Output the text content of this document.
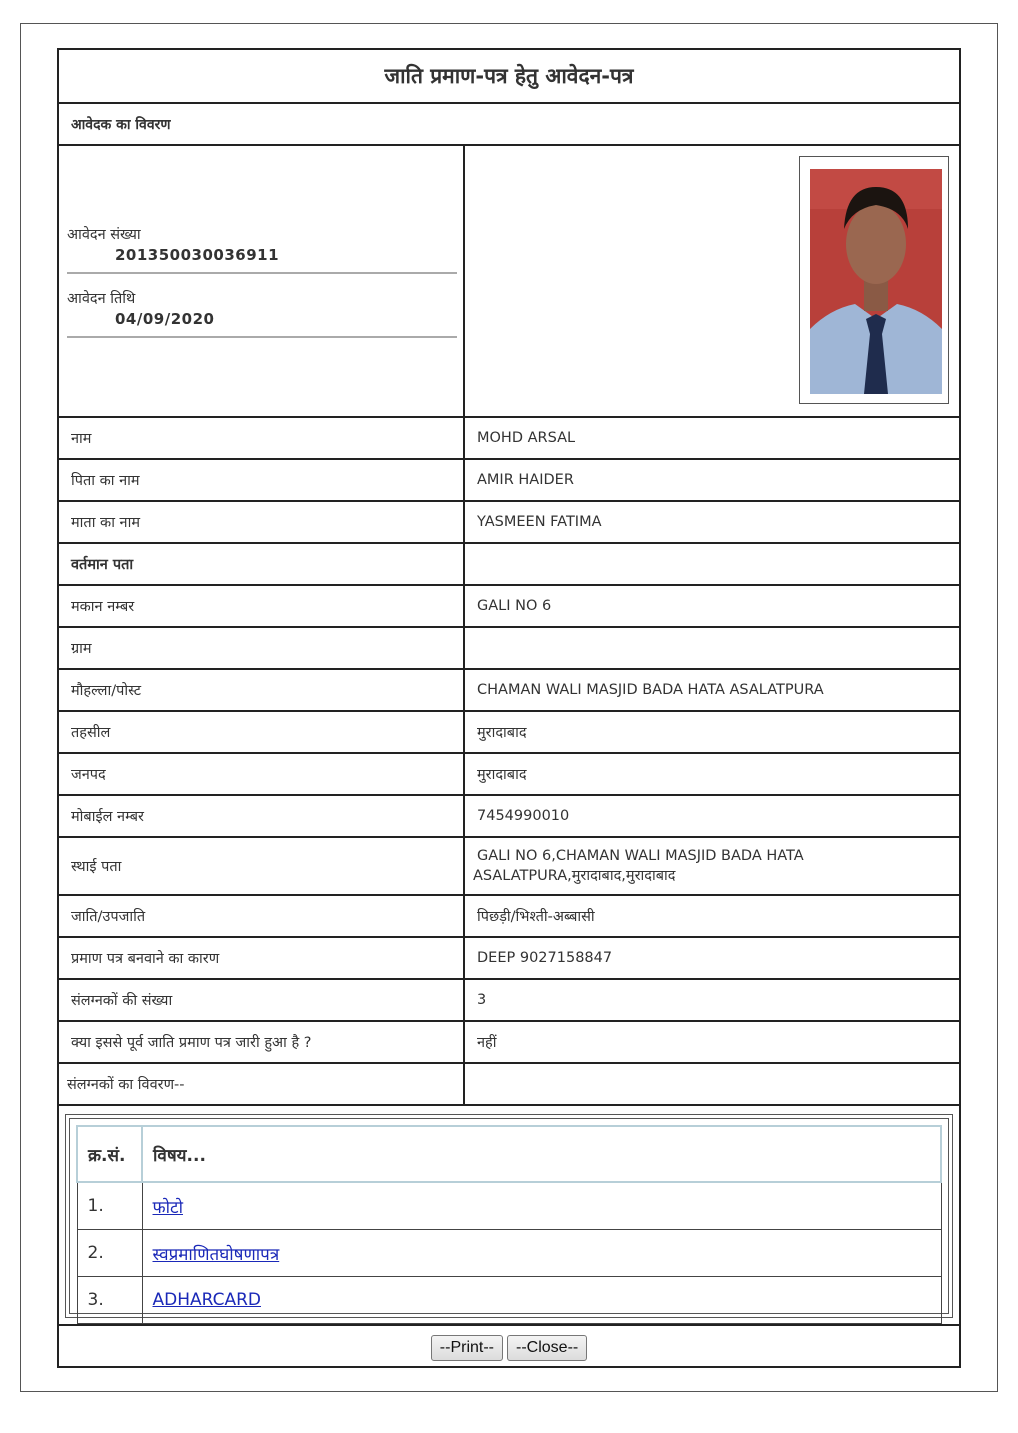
जाति प्रमाण-पत्र हेतु आवेदन-पत्र
आवेदक का विवरण
आवेदन संख्या
201350030036911
आवेदन तिथि
04/09/2020
नाम	MOHD ARSAL
पिता का नाम	AMIR HAIDER
माता का नाम	YASMEEN FATIMA
वर्तमान पता
मकान नम्बर	GALI NO 6
ग्राम
मौहल्ला/पोस्ट	CHAMAN WALI MASJID BADA HATA ASALATPURA
तहसील	मुरादाबाद
जनपद	मुरादाबाद
मोबाईल नम्बर	7454990010
स्थाई पता
GALI NO 6,CHAMAN WALI MASJID BADA HATA
ASALATPURA,मुरादाबाद,मुरादाबाद
जाति/उपजाति	पिछड़ी/भिश्ती-अब्बासी
प्रमाण पत्र बनवाने का कारण	DEEP 9027158847
संलग्नकों की संख्या	3
क्या इससे पूर्व जाति प्रमाण पत्र जारी हुआ है ?	नहीं
संलग्नकों का विवरण--
क्र.सं.	विषय...
1.	फोटो
2.	स्वप्रमाणितघोषणापत्र
3.	ADHARCARD
--Print--	--Close--
